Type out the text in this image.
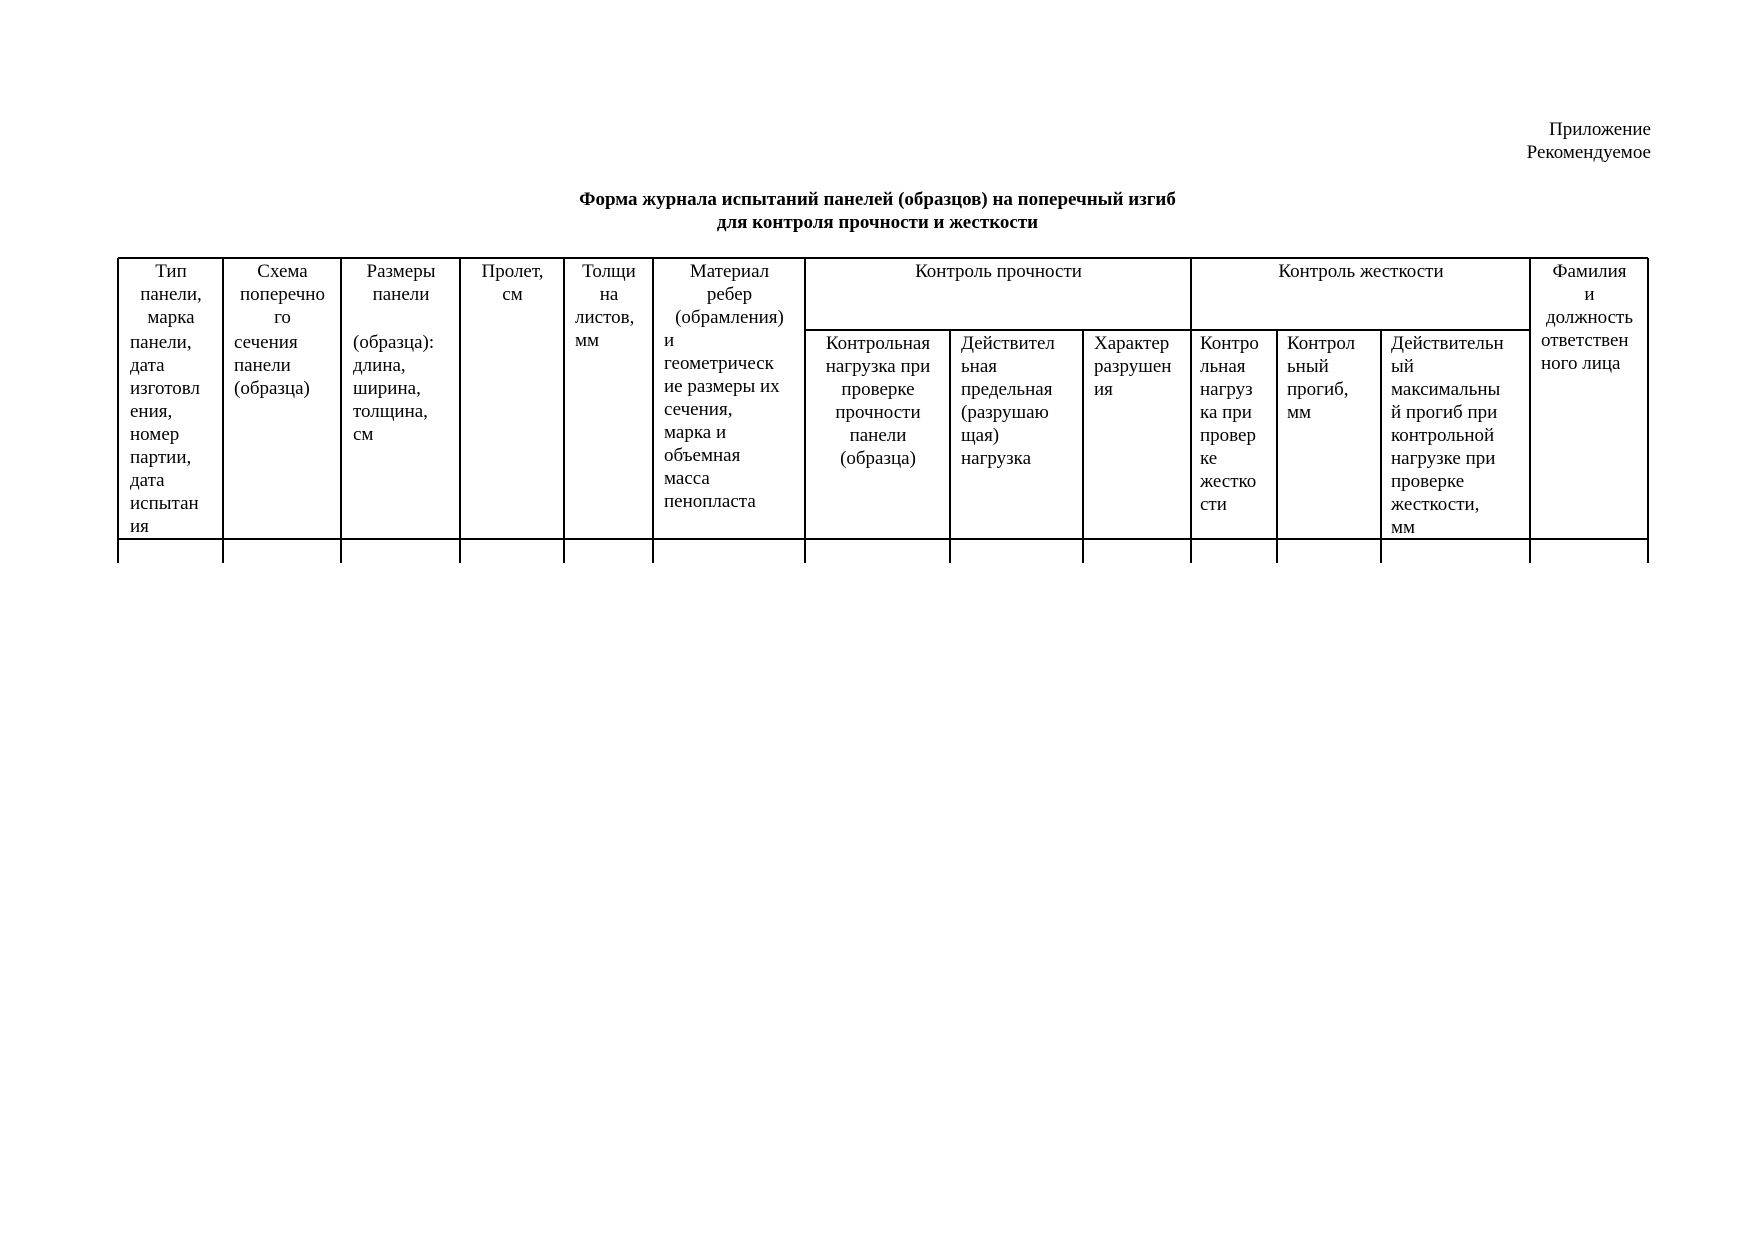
Приложение
Рекомендуемое
Форма журнала испытаний панелей (образцов) на поперечный изгиб
для контроля прочности и жесткости
Тип
панели,
марка
панели,
дата
изготовл
ения,
номер
партии,
дата
испытан
ия
Схема
поперечно
го
сечения
панели
(образца)
Размеры
панели
(образца):
длина,
ширина,
толщина,
см
Пролет,
см
Толщи
на
листов,
мм
Материал
ребер
(обрамления)
и
геометрическ
ие размеры их
сечения,
марка и
объемная
масса
пенопласта
Контроль прочности	Контроль жесткости
Контрольная
нагрузка при
проверке
прочности
панели
(образца)
Действител
ьная
предельная
(разрушаю
щая)
нагрузка
Характер
разрушен
ия
Контро
льная
нагруз
ка при
провер
ке
жестко
сти
Контрол
ьный
прогиб,
мм
Действительн
ый
максимальны
й прогиб при
контрольной
нагрузке при
проверке
жесткости,
мм
Фамилия
и
должность
ответствен
ного лица
